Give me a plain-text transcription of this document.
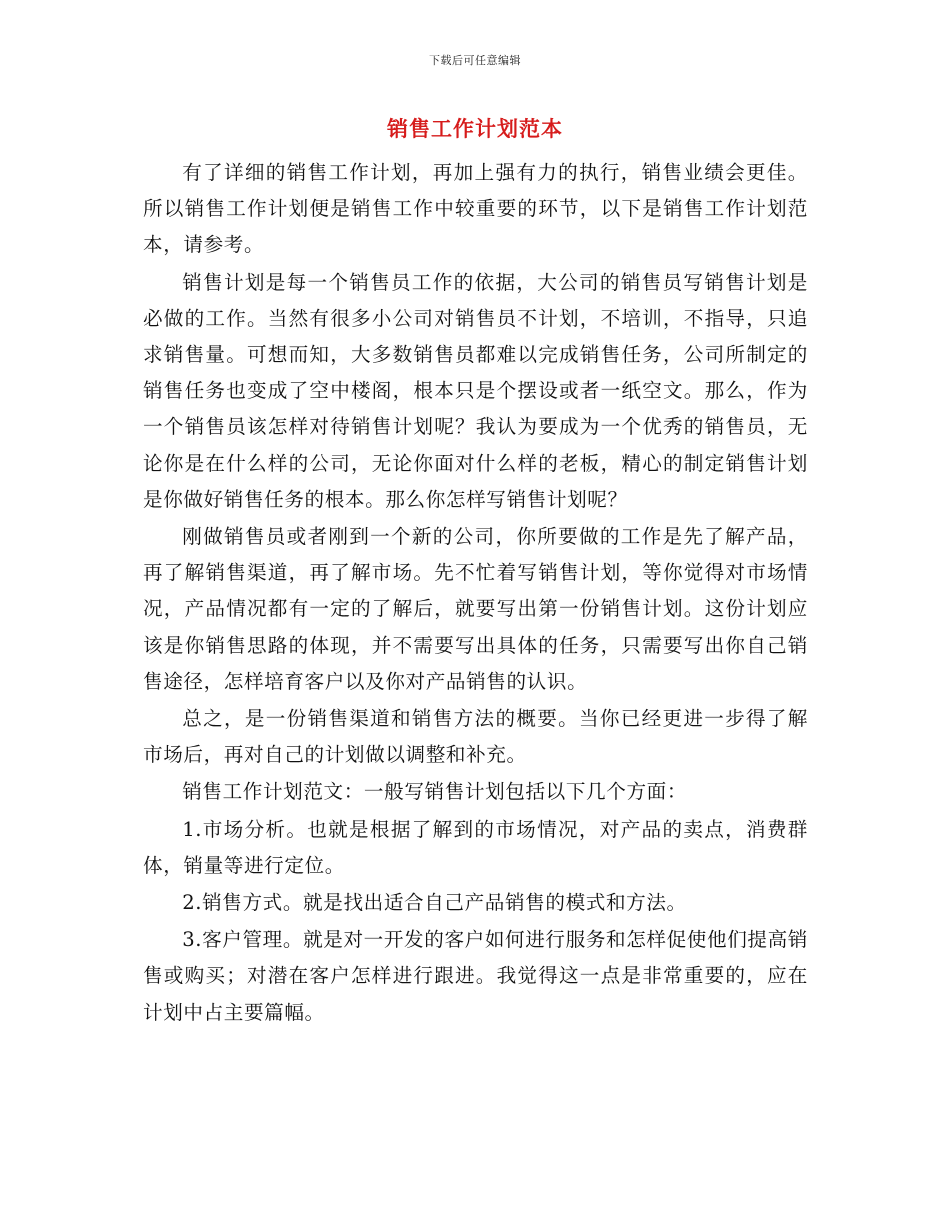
下载后可任意编辑
销售工作计划范本

有了详细的销售工作计划，再加上强有力的执行，销售业绩会更佳。所以销售工作计划便是销售工作中较重要的环节，以下是销售工作计划范本，请参考。

销售计划是每一个销售员工作的依据，大公司的销售员写销售计划是必做的工作。当然有很多小公司对销售员不计划，不培训，不指导，只追求销售量。可想而知，大多数销售员都难以完成销售任务，公司所制定的销售任务也变成了空中楼阁，根本只是个摆设或者一纸空文。那么，作为一个销售员该怎样对待销售计划呢？我认为要成为一个优秀的销售员，无论你是在什么样的公司，无论你面对什么样的老板，精心的制定销售计划是你做好销售任务的根本。那么你怎样写销售计划呢？

刚做销售员或者刚到一个新的公司，你所要做的工作是先了解产品，再了解销售渠道，再了解市场。先不忙着写销售计划，等你觉得对市场情况，产品情况都有一定的了解后，就要写出第一份销售计划。这份计划应该是你销售思路的体现，并不需要写出具体的任务，只需要写出你自己销售途径，怎样培育客户以及你对产品销售的认识。

总之，是一份销售渠道和销售方法的概要。当你已经更进一步得了解市场后，再对自己的计划做以调整和补充。

销售工作计划范文：一般写销售计划包括以下几个方面：

1.市场分析。也就是根据了解到的市场情况，对产品的卖点，消费群体，销量等进行定位。

2.销售方式。就是找出适合自己产品销售的模式和方法。

3.客户管理。就是对一开发的客户如何进行服务和怎样促使他们提高销售或购买；对潜在客户怎样进行跟进。我觉得这一点是非常重要的，应在计划中占主要篇幅。
